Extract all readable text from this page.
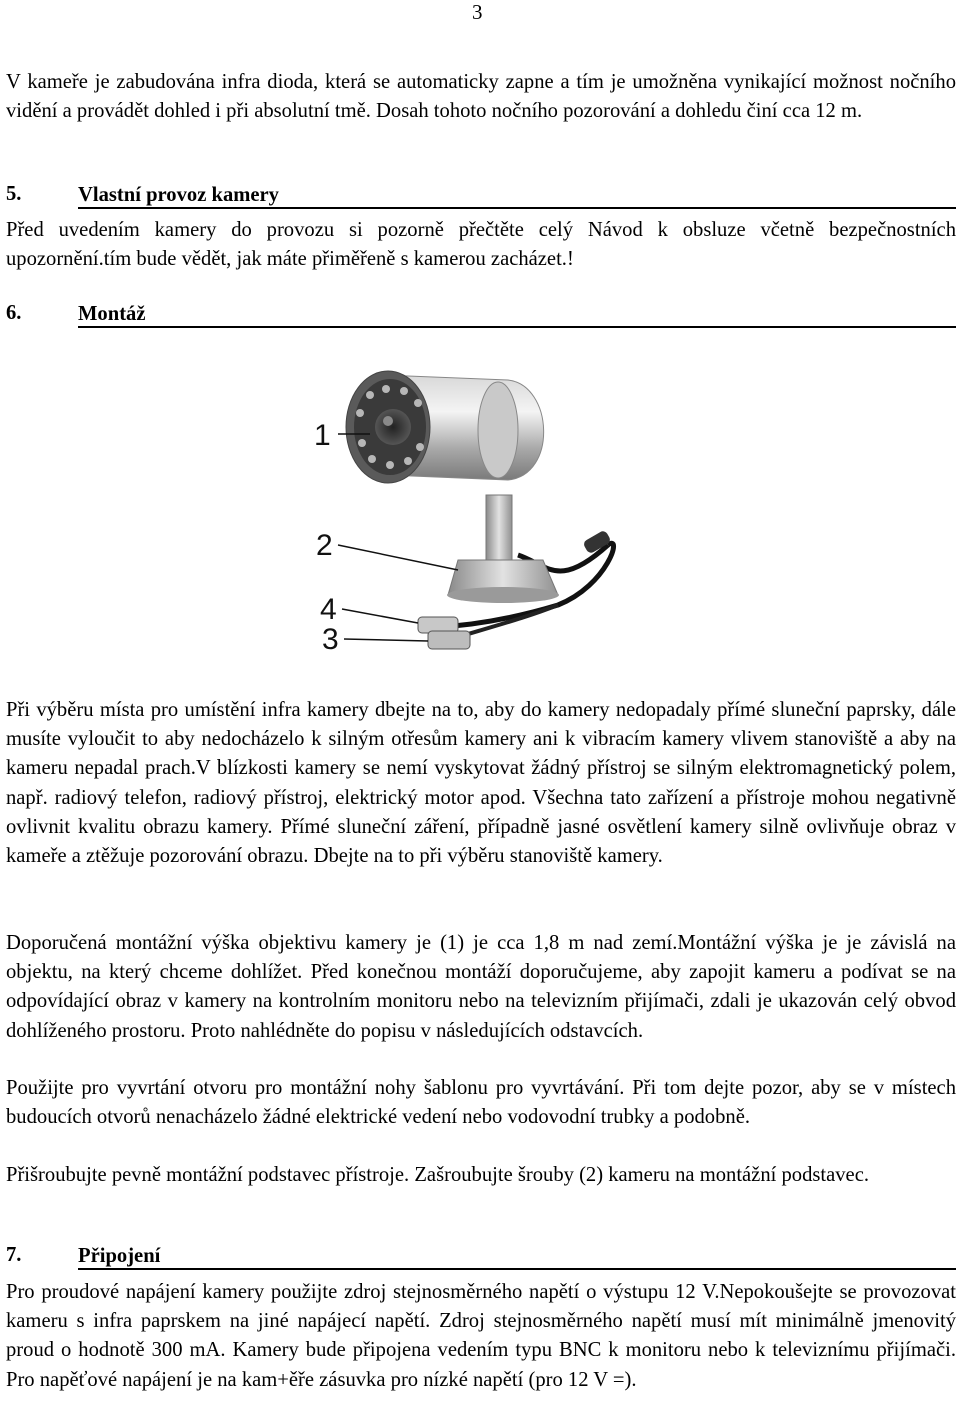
3

V kameře je zabudována infra dioda, která se automaticky zapne a tím je umožněna vynikající možnost nočního vidění a provádět dohled i při absolutní tmě. Dosah tohoto nočního pozorování a dohledu činí cca 12 m.

5.	Vlastní provoz kamery

Před uvedením kamery do provozu si pozorně přečtěte celý Návod k obsluze včetně bezpečnostních upozornění.tím bude vědět, jak máte přiměřeně s kamerou zacházet.!

6.	Montáž
1
2
4
3

Při výběru místa pro umístění infra kamery dbejte na to, aby do kamery nedopadaly přímé sluneční paprsky, dále musíte vyloučit to aby nedocházelo k silným otřesům kamery ani k vibracím kamery vlivem stanoviště a aby na kameru nepadal prach.V blízkosti kamery se nemí vyskytovat žádný přístroj se silným elektromagnetický polem, např. radiový telefon, radiový přístroj, elektrický motor apod. Všechna tato zařízení a přístroje mohou negativně ovlivnit kvalitu obrazu kamery. Přímé sluneční záření, případně jasné osvětlení kamery silně ovlivňuje obraz v kameře a ztěžuje pozorování obrazu. Dbejte na to při výběru stanoviště kamery.

Doporučená montážní výška objektivu kamery je (1) je cca 1,8 m nad zemí.Montážní výška je je závislá na objektu, na který chceme dohlížet. Před konečnou montáží doporučujeme, aby zapojit kameru a podívat se na odpovídající obraz v kamery na kontrolním monitoru nebo na televizním přijímači, zdali je ukazován celý obvod dohlíženého prostoru. Proto nahlédněte do popisu v následujících odstavcích.

Použijte pro vyvrtání otvoru pro montážní nohy šablonu pro vyvrtávání. Při tom dejte pozor, aby se v místech budoucích otvorů nenacházelo žádné elektrické vedení nebo vodovodní trubky a podobně.

Přišroubujte pevně montážní podstavec přístroje. Zašroubujte šrouby (2) kameru na montážní podstavec.

7.	Připojení

Pro proudové napájení kamery použijte zdroj stejnosměrného napětí o výstupu 12 V.Nepokoušejte se provozovat kameru s infra paprskem na jiné napájecí napětí. Zdroj stejnosměrného napětí musí mít minimálně jmenovitý proud o hodnotě 300 mA. Kamery bude připojena vedením typu BNC k monitoru nebo k televiznímu přijímači. Pro napěťové napájení je na kam+ěře zásuvka pro nízké napětí (pro 12 V =).
